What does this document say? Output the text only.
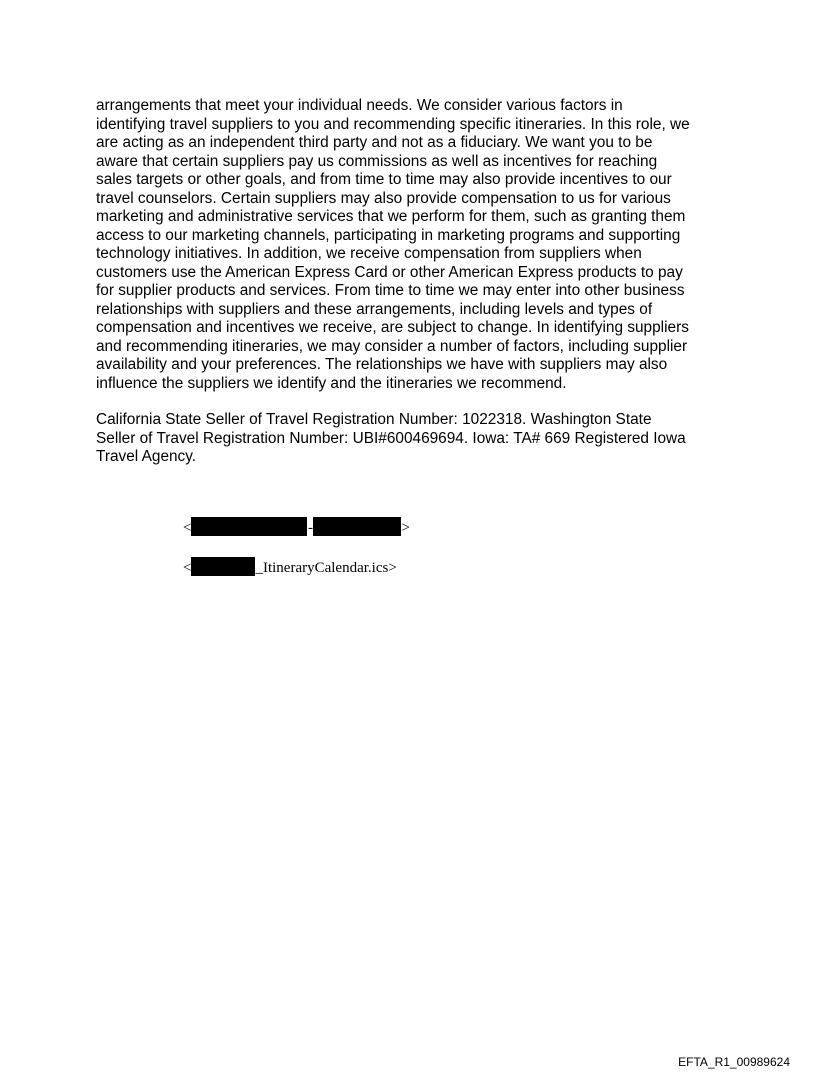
arrangements that meet your individual needs. We consider various factors in
identifying travel suppliers to you and recommending specific itineraries. In this role, we
are acting as an independent third party and not as a fiduciary. We want you to be
aware that certain suppliers pay us commissions as well as incentives for reaching
sales targets or other goals, and from time to time may also provide incentives to our
travel counselors. Certain suppliers may also provide compensation to us for various
marketing and administrative services that we perform for them, such as granting them
access to our marketing channels, participating in marketing programs and supporting
technology initiatives. In addition, we receive compensation from suppliers when
customers use the American Express Card or other American Express products to pay
for supplier products and services. From time to time we may enter into other business
relationships with suppliers and these arrangements, including levels and types of
compensation and incentives we receive, are subject to change. In identifying suppliers
and recommending itineraries, we may consider a number of factors, including supplier
availability and your preferences. The relationships we have with suppliers may also
influence the suppliers we identify and the itineraries we recommend.

California State Seller of Travel Registration Number: 1022318. Washington State
Seller of Travel Registration Number: UBI#600469694. Iowa: TA# 669 Registered Iowa
Travel Agency.

<	-	>
<	_ItineraryCalendar.ics>
EFTA_R1_00989624
